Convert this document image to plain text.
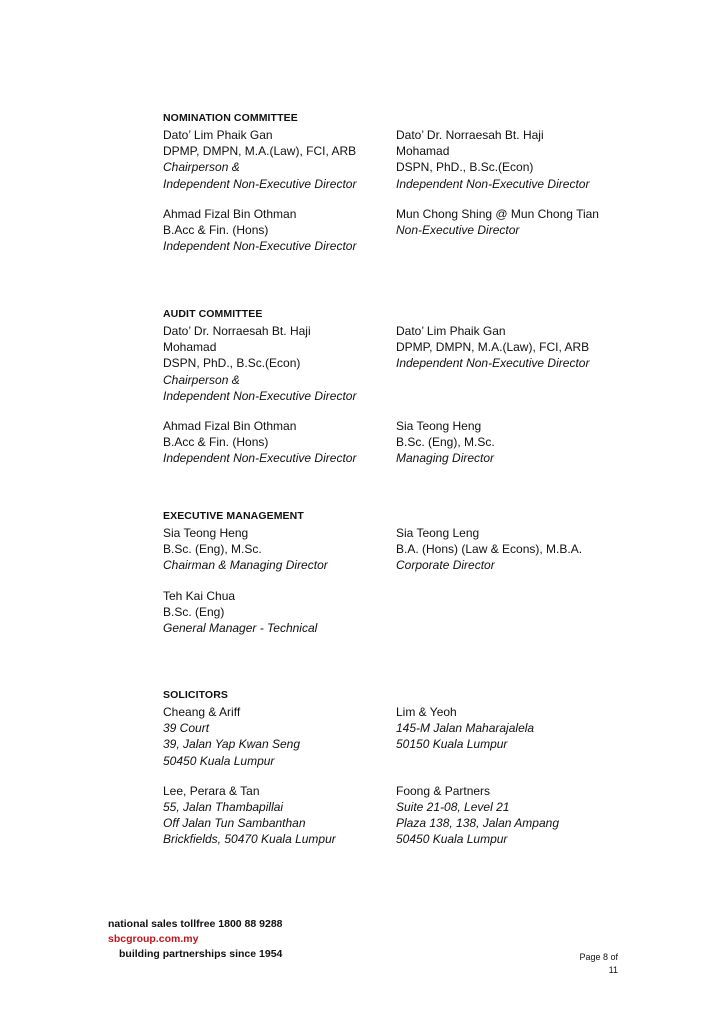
NOMINATION COMMITTEE
Dato’ Lim Phaik Gan
DPMP, DMPN, M.A.(Law), FCI, ARB
Chairperson &
Independent Non-Executive Director
Dato’ Dr. Norraesah Bt. Haji
Mohamad
DSPN, PhD., B.Sc.(Econ)
Independent Non-Executive Director
Ahmad Fizal Bin Othman
B.Acc & Fin. (Hons)
Independent Non-Executive Director
Mun Chong Shing @ Mun Chong Tian
Non-Executive Director
AUDIT COMMITTEE
Dato’ Dr. Norraesah Bt. Haji
Mohamad
DSPN, PhD., B.Sc.(Econ)
Chairperson &
Independent Non-Executive Director
Dato’ Lim Phaik Gan
DPMP, DMPN, M.A.(Law), FCI, ARB
Independent Non-Executive Director
Ahmad Fizal Bin Othman
B.Acc & Fin. (Hons)
Independent Non-Executive Director
Sia Teong Heng
B.Sc. (Eng), M.Sc.
Managing Director
EXECUTIVE MANAGEMENT
Sia Teong Heng
B.Sc. (Eng), M.Sc.
Chairman & Managing Director
Sia Teong Leng
B.A. (Hons) (Law & Econs), M.B.A.
Corporate Director
Teh Kai Chua
B.Sc. (Eng)
General Manager - Technical
SOLICITORS
Cheang & Ariff
39 Court
39, Jalan Yap Kwan Seng
50450 Kuala Lumpur
Lim & Yeoh
145-M Jalan Maharajalela
50150 Kuala Lumpur
Lee, Perara & Tan
55, Jalan Thambapillai
Off Jalan Tun Sambanthan
Brickfields, 50470 Kuala Lumpur
Foong & Partners
Suite 21-08, Level 21
Plaza 138, 138, Jalan Ampang
50450 Kuala Lumpur
national sales tollfree 1800 88 9288
sbcgroup.com.my
building partnerships since 1954	Page 8 of
11
